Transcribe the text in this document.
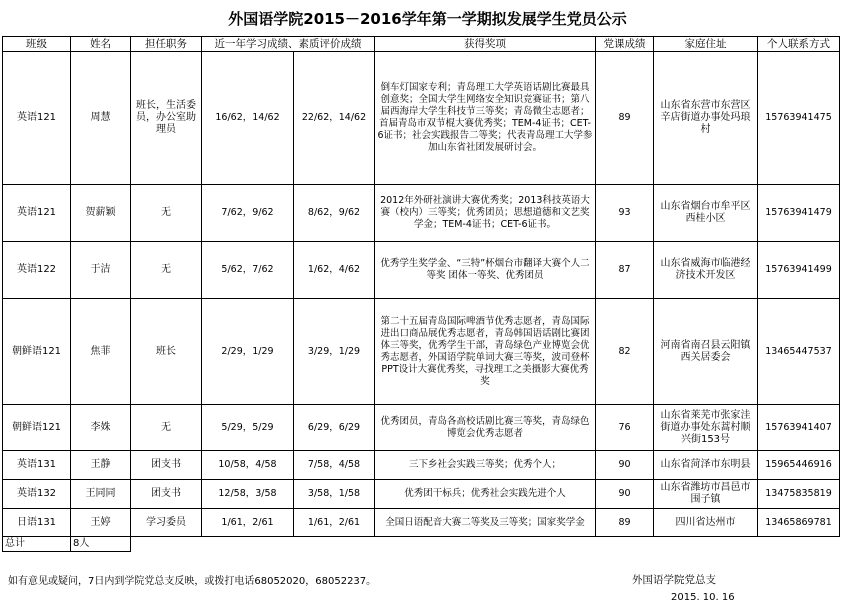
外国语学院2015－2016学年第一学期拟发展学生党员公示
班级	姓名	担任职务	近一年学习成绩、素质评价成绩		获得奖项	党课成绩	家庭住址	个人联系方式
英语121	周慧	班长，生活委员，办公室助理员	16/62，14/62	22/62，14/62	倒车灯国家专利；青岛理工大学英语话剧比赛最具创意奖；全国大学生网络安全知识竞赛证书；第八届西海岸大学生科技节三等奖；青岛微尘志愿者；首届青岛市双节棍大赛优秀奖；TEM-4证书；CET-6证书；社会实践报告二等奖；代表青岛理工大学参加山东省社团发展研讨会。	89	山东省东营市东营区辛店街道办事处玛琅村	15763941475
英语121	贺薪颖	无	7/62，9/62	8/62，9/62	2012年外研社演讲大赛优秀奖；2013科技英语大赛（校内）三等奖；优秀团员；思想道德和文艺奖学金；TEM-4证书；CET-6证书。	93	山东省烟台市牟平区西桂小区	15763941479
英语122	于洁	无	5/62，7/62	1/62，4/62	优秀学生奖学金、“三特”杯烟台市翻译大赛个人二等奖 团体一等奖、优秀团员	87	山东省威海市临港经济技术开发区	15763941499
朝鲜语121	焦菲	班长	2/29，1/29	3/29，1/29	第二十五届青岛国际啤酒节优秀志愿者，青岛国际进出口商品展优秀志愿者，青岛韩国语话剧比赛团体三等奖，优秀学生干部，青岛绿色产业博览会优秀志愿者，外国语学院单词大赛三等奖，波司登杯PPT设计大赛优秀奖，寻找理工之美摄影大赛优秀奖	82	河南省南召县云阳镇西关居委会	13465447537
朝鲜语121	李姝	无	5/29，5/29	6/29，6/29	优秀团员，青岛各高校话剧比赛三等奖，青岛绿色博览会优秀志愿者	76	山东省莱芜市张家洼街道办事处东蒿村顺兴街153号	15763941407
英语131	王静	团支书	10/58，4/58	7/58，4/58	三下乡社会实践三等奖；优秀个人；	90	山东省菏泽市东明县	15965446916
英语132	王同同	团支书	12/58，3/58	3/58，1/58	优秀团干标兵；优秀社会实践先进个人	90	山东省潍坊市昌邑市围子镇	13475835819
日语131	王婷	学习委员	1/61，2/61	1/61，2/61	全国日语配音大赛二等奖及三等奖；国家奖学金	89	四川省达州市	13465869781
总计	8人							
如有意见或疑问，7日内到学院党总支反映，或拨打电话68052020，68052237。	外国语学院党总支
2015. 10. 16
